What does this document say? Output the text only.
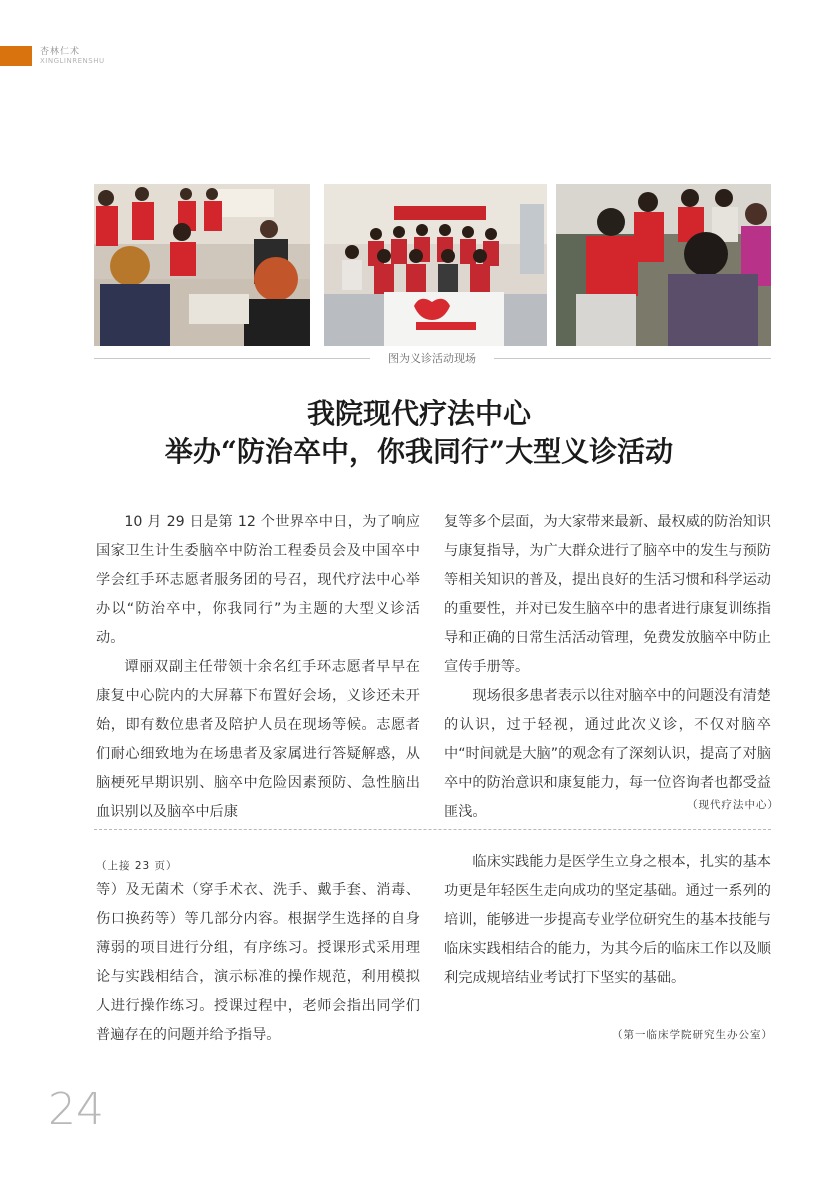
杏林仁术
XINGLINRENSHU
图为义诊活动现场
我院现代疗法中心
举办“防治卒中，你我同行”大型义诊活动

10 月 29 日是第 12 个世界卒中日，为了响应国家卫生计生委脑卒中防治工程委员会及中国卒中学会红手环志愿者服务团的号召，现代疗法中心举办以“防治卒中，你我同行”为主题的大型义诊活动。

谭丽双副主任带领十余名红手环志愿者早早在康复中心院内的大屏幕下布置好会场，义诊还未开始，即有数位患者及陪护人员在现场等候。志愿者们耐心细致地为在场患者及家属进行答疑解惑，从脑梗死早期识别、脑卒中危险因素预防、急性脑出血识别以及脑卒中后康

复等多个层面，为大家带来最新、最权威的防治知识与康复指导，为广大群众进行了脑卒中的发生与预防等相关知识的普及，提出良好的生活习惯和科学运动的重要性，并对已发生脑卒中的患者进行康复训练指导和正确的日常生活活动管理，免费发放脑卒中防止宣传手册等。

现场很多患者表示以往对脑卒中的问题没有清楚的认识，过于轻视，通过此次义诊，不仅对脑卒中“时间就是大脑”的观念有了深刻认识，提高了对脑卒中的防治意识和康复能力，每一位咨询者也都受益匪浅。	（现代疗法中心）
（上接 23 页）

等）及无菌术（穿手术衣、洗手、戴手套、消毒、伤口换药等）等几部分内容。根据学生选择的自身薄弱的项目进行分组，有序练习。授课形式采用理论与实践相结合，演示标准的操作规范，利用模拟人进行操作练习。授课过程中，老师会指出同学们普遍存在的问题并给予指导。

临床实践能力是医学生立身之根本，扎实的基本功更是年轻医生走向成功的坚定基础。通过一系列的培训，能够进一步提高专业学位研究生的基本技能与临床实践相结合的能力，为其今后的临床工作以及顺利完成规培结业考试打下坚实的基础。

（第一临床学院研究生办公室）
24
